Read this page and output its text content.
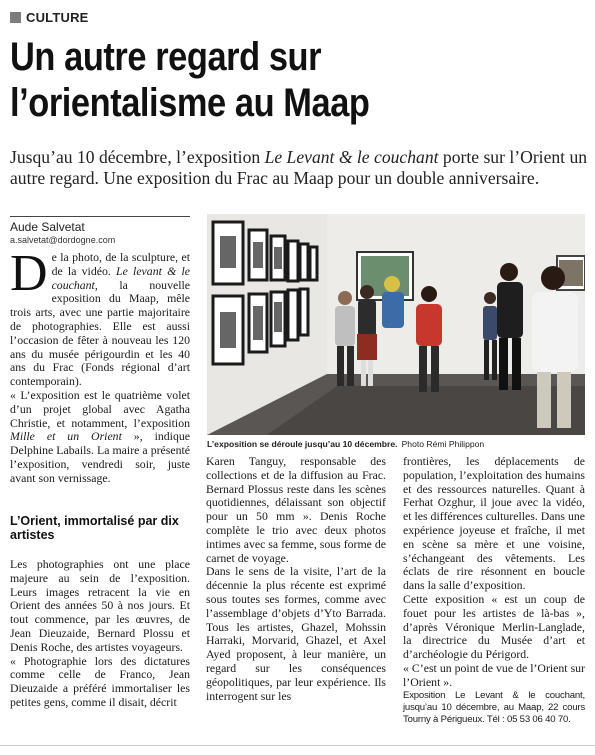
CULTURE
Un autre regard sur
l’orientalisme au Maap

Jusqu’au 10 décembre, l’exposition Le Levant & le couchant porte sur l’Orient un autre regard. Une exposition du Frac au Maap pour un double anniversaire.

Aude Salvetat
a.salvetat@dordogne.com

De la photo, de la sculpture, et de la vidéo. Le levant & le couchant, la nouvelle exposition du Maap, mêle trois arts, avec une partie majoritaire de photographies. Elle est aussi l’occasion de fêter à nouveau les 120 ans du musée périgourdin et les 40 ans du Frac (Fonds régional d’art contemporain).

« L’exposition est le quatrième volet d’un projet global avec Agatha Christie, et notamment, l’exposition Mille et un Orient », indique Delphine Labails. La maire a présenté l’exposition, vendredi soir, juste avant son vernissage.

L’Orient, immortalisé par dix artistes

Les photographies ont une place majeure au sein de l’exposition. Leurs images retracent la vie en Orient des années 50 à nos jours. Et tout commence, par les œuvres, de Jean Dieuzaide, Bernard Plossu et Denis Roche, des artistes voyageurs.

« Photographie lors des dictatures comme celle de Franco, Jean Dieuzaide a préféré immortaliser les petites gens, comme il disait, décrit

L’exposition se déroule jusqu’au 10 décembre. Photo Rémi Philippon

Karen Tanguy, responsable des collections et de la diffusion au Frac. Bernard Plossus reste dans les scènes quotidiennes, délaissant son objectif pour un 50 mm ». Denis Roche complète le trio avec deux photos intimes avec sa femme, sous forme de carnet de voyage.

Dans le sens de la visite, l’art de la décennie la plus récente est exprimé sous toutes ses formes, comme avec l’assemblage d’objets d’Yto Barrada. Tous les artistes, Ghazel, Mohssin Harraki, Morvarid, Ghazel, et Axel Ayed proposent, à leur manière, un regard sur les conséquences géopolitiques, par leur expérience. Ils interrogent sur les

frontières, les déplacements de population, l’exploitation des humains et des ressources naturelles. Quant à Ferhat Ozghur, il joue avec la vidéo, et les différences culturelles. Dans une expérience joyeuse et fraîche, il met en scène sa mère et une voisine, s’échangeant des vêtements. Les éclats de rire résonnent en boucle dans la salle d’exposition.

Cette exposition « est un coup de fouet pour les artistes de là-bas », d’après Véronique Merlin-Langlade, la directrice du Musée d’art et d’archéologie du Périgord.

« C’est un point de vue de l’Orient sur l’Orient ».

Exposition Le Levant & le couchant, jusqu’au 10 décembre, au Maap, 22 cours Tourny à Périgueux. Tél : 05 53 06 40 70.
